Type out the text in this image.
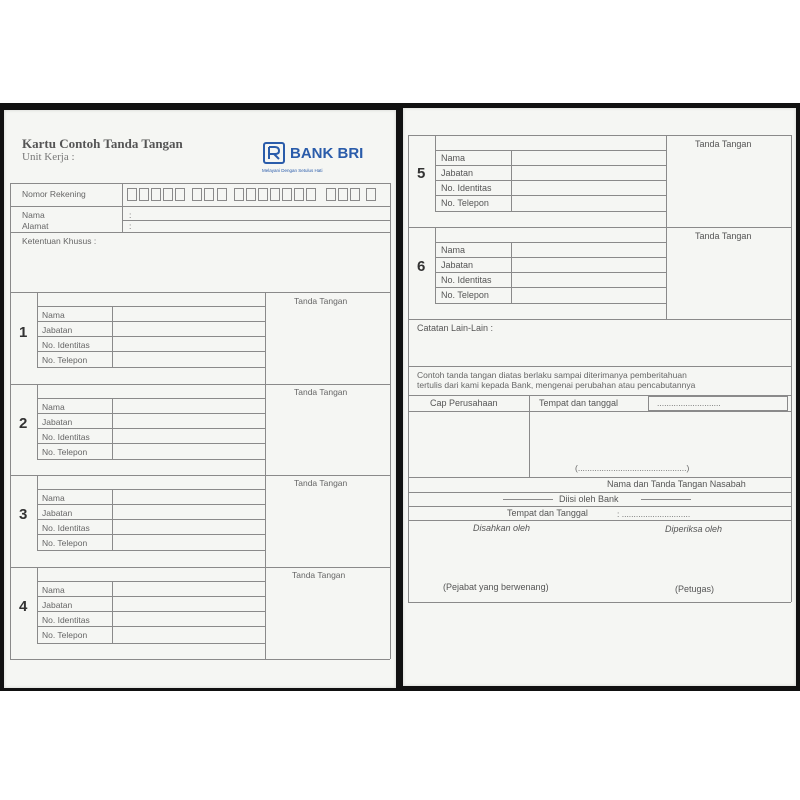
Kartu Contoh Tanda Tangan
Unit Kerja :	BANK BRI
Melayani Dengan Setulus Hati
Nomor Rekening
Nama	:
Alamat	:
Ketentuan Khusus :
1
Nama
Jabatan
No. Identitas
No. Telepon
Tanda Tangan
2
Nama
Jabatan
No. Identitas
No. Telepon
Tanda Tangan
3
Nama
Jabatan
No. Identitas
No. Telepon
Tanda Tangan
4
Nama
Jabatan
No. Identitas
No. Telepon
Tanda Tangan
5
Nama
Jabatan
No. Identitas
No. Telepon
Tanda Tangan
6
Nama
Jabatan
No. Identitas
No. Telepon
Tanda Tangan
Catatan Lain-Lain :
Contoh tanda tangan diatas berlaku sampai diterimanya pemberitahuan
tertulis dari kami kepada Bank, mengenai perubahan atau pencabutannya
Cap Perusahaan	Tempat dan tanggal	...........................
(..............................................)
Nama dan Tanda Tangan Nasabah
Diisi oleh Bank
Tempat dan Tanggal	: .............................
Disahkan oleh	Diperiksa oleh
(Pejabat yang berwenang)	(Petugas)
